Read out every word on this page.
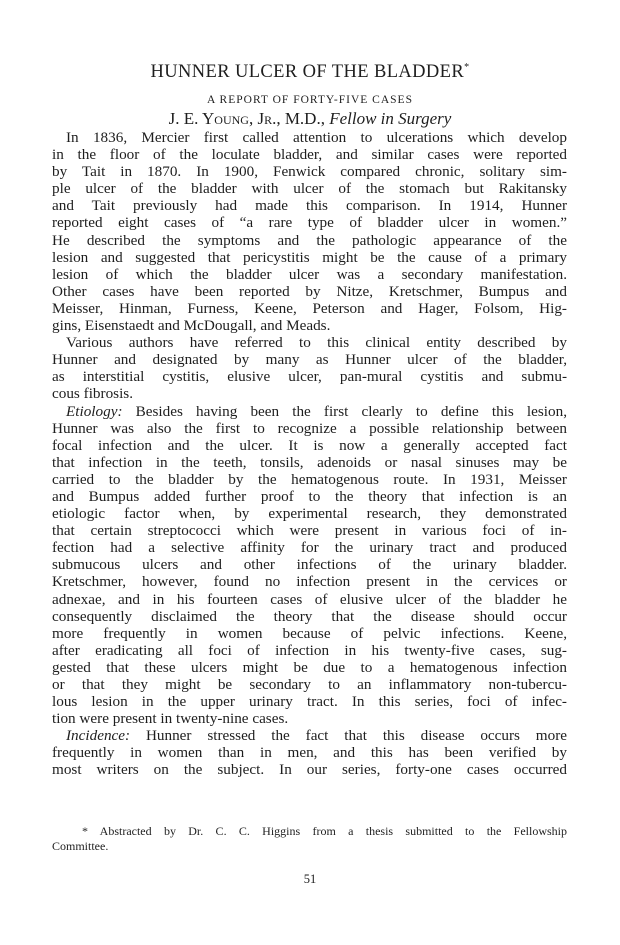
HUNNER ULCER OF THE BLADDER*
A REPORT OF FORTY-FIVE CASES
J. E. Young, Jr., M.D., Fellow in Surgery
In 1836, Mercier first called attention to ulcerations which develop
in the floor of the loculate bladder, and similar cases were reported
by Tait in 1870. In 1900, Fenwick compared chronic, solitary sim-
ple ulcer of the bladder with ulcer of the stomach but Rakitansky
and Tait previously had made this comparison. In 1914, Hunner
reported eight cases of “a rare type of bladder ulcer in women.”
He described the symptoms and the pathologic appearance of the
lesion and suggested that pericystitis might be the cause of a primary
lesion of which the bladder ulcer was a secondary manifestation.
Other cases have been reported by Nitze, Kretschmer, Bumpus and
Meisser, Hinman, Furness, Keene, Peterson and Hager, Folsom, Hig-
gins, Eisenstaedt and McDougall, and Meads.
Various authors have referred to this clinical entity described by
Hunner and designated by many as Hunner ulcer of the bladder,
as interstitial cystitis, elusive ulcer, pan-mural cystitis and submu-
cous fibrosis.
Etiology: Besides having been the first clearly to define this lesion,
Hunner was also the first to recognize a possible relationship between
focal infection and the ulcer. It is now a generally accepted fact
that infection in the teeth, tonsils, adenoids or nasal sinuses may be
carried to the bladder by the hematogenous route. In 1931, Meisser
and Bumpus added further proof to the theory that infection is an
etiologic factor when, by experimental research, they demonstrated
that certain streptococci which were present in various foci of in-
fection had a selective affinity for the urinary tract and produced
submucous ulcers and other infections of the urinary bladder.
Kretschmer, however, found no infection present in the cervices or
adnexae, and in his fourteen cases of elusive ulcer of the bladder he
consequently disclaimed the theory that the disease should occur
more frequently in women because of pelvic infections. Keene,
after eradicating all foci of infection in his twenty-five cases, sug-
gested that these ulcers might be due to a hematogenous infection
or that they might be secondary to an inflammatory non-tubercu-
lous lesion in the upper urinary tract. In this series, foci of infec-
tion were present in twenty-nine cases.
Incidence: Hunner stressed the fact that this disease occurs more
frequently in women than in men, and this has been verified by
most writers on the subject. In our series, forty-one cases occurred
* Abstracted by Dr. C. C. Higgins from a thesis submitted to the Fellowship
Committee.
51
